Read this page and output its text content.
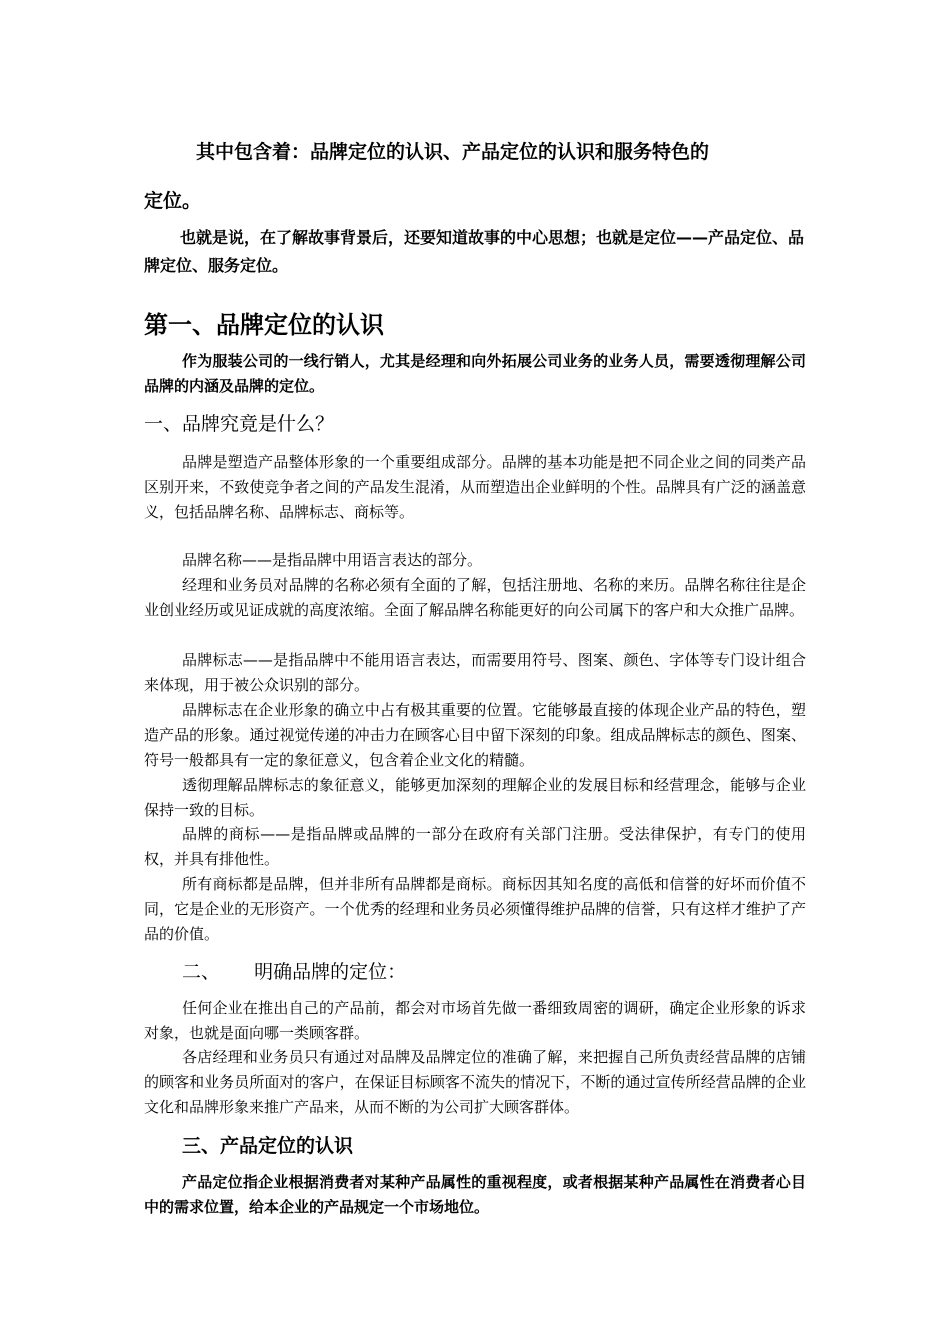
其中包含着：品牌定位的认识、产品定位的认识和服务特色的
定位。
也就是说，在了解故事背景后，还要知道故事的中心思想；也就是定位——产品定位、品牌定位、服务定位。
第一、品牌定位的认识
作为服装公司的一线行销人，尤其是经理和向外拓展公司业务的业务人员，需要透彻理解公司品牌的内涵及品牌的定位。
一、品牌究竟是什么？
品牌是塑造产品整体形象的一个重要组成部分。品牌的基本功能是把不同企业之间的同类产品区别开来，不致使竞争者之间的产品发生混淆，从而塑造出企业鲜明的个性。品牌具有广泛的涵盖意义，包括品牌名称、品牌标志、商标等。
品牌名称——是指品牌中用语言表达的部分。
经理和业务员对品牌的名称必须有全面的了解，包括注册地、名称的来历。品牌名称往往是企业创业经历或见证成就的高度浓缩。全面了解品牌名称能更好的向公司属下的客户和大众推广品牌。
品牌标志——是指品牌中不能用语言表达，而需要用符号、图案、颜色、字体等专门设计组合来体现，用于被公众识别的部分。
品牌标志在企业形象的确立中占有极其重要的位置。它能够最直接的体现企业产品的特色，塑造产品的形象。通过视觉传递的冲击力在顾客心目中留下深刻的印象。组成品牌标志的颜色、图案、符号一般都具有一定的象征意义，包含着企业文化的精髓。
透彻理解品牌标志的象征意义，能够更加深刻的理解企业的发展目标和经营理念，能够与企业保持一致的目标。
品牌的商标——是指品牌或品牌的一部分在政府有关部门注册。受法律保护，有专门的使用权，并具有排他性。
所有商标都是品牌，但并非所有品牌都是商标。商标因其知名度的高低和信誉的好坏而价值不同，它是企业的无形资产。一个优秀的经理和业务员必须懂得维护品牌的信誉，只有这样才维护了产品的价值。
二、 明确品牌的定位：
任何企业在推出自己的产品前，都会对市场首先做一番细致周密的调研，确定企业形象的诉求对象，也就是面向哪一类顾客群。
各店经理和业务员只有通过对品牌及品牌定位的准确了解，来把握自己所负责经营品牌的店铺的顾客和业务员所面对的客户，在保证目标顾客不流失的情况下，不断的通过宣传所经营品牌的企业文化和品牌形象来推广产品来，从而不断的为公司扩大顾客群体。
三、产品定位的认识
产品定位指企业根据消费者对某种产品属性的重视程度，或者根据某种产品属性在消费者心目中的需求位置，给本企业的产品规定一个市场地位。
